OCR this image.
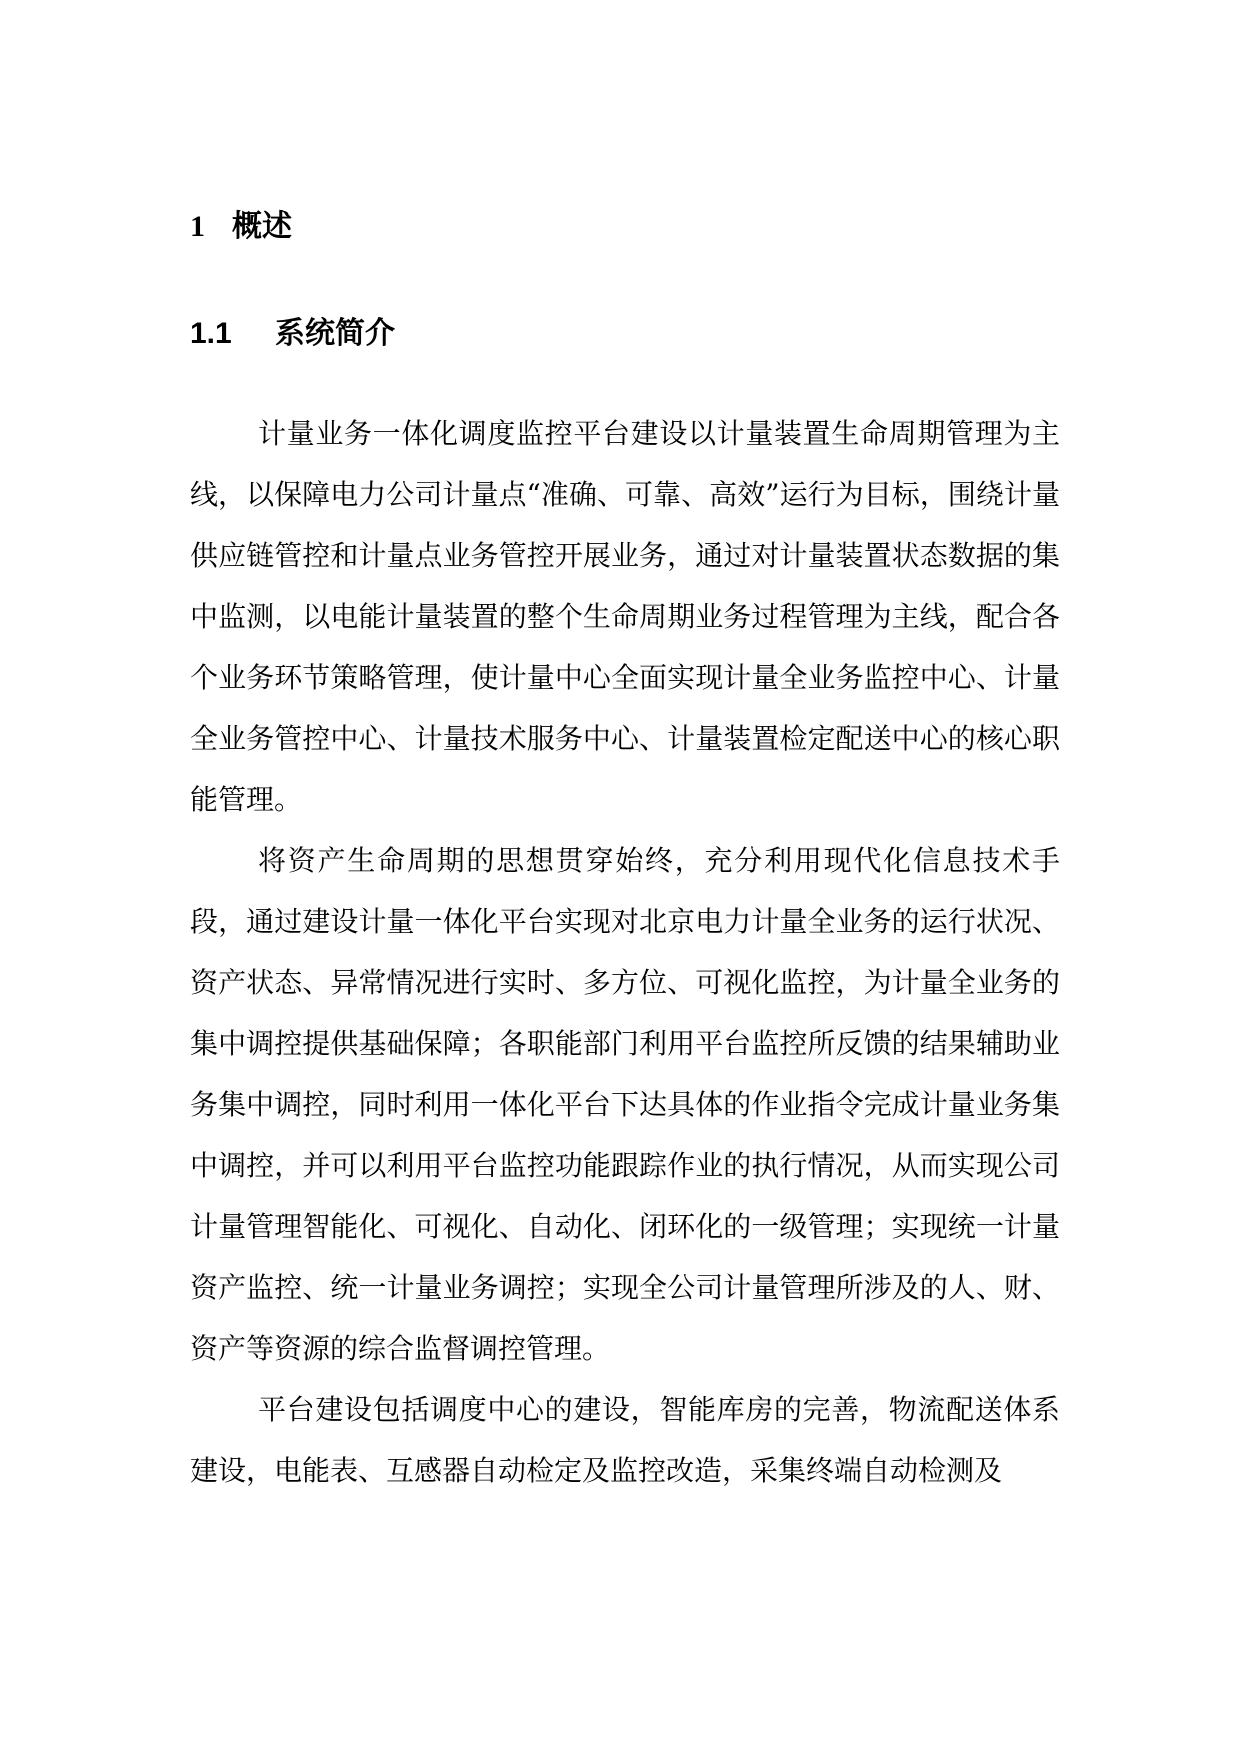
1 概述
1.1 系统简介

计量业务一体化调度监控平台建设以计量装置生命周期管理为主线，以保障电力公司计量点“准确、可靠、高效”运行为目标，围绕计量供应链管控和计量点业务管控开展业务，通过对计量装置状态数据的集中监测，以电能计量装置的整个生命周期业务过程管理为主线，配合各个业务环节策略管理，使计量中心全面实现计量全业务监控中心、计量全业务管控中心、计量技术服务中心、计量装置检定配送中心的核心职能管理。

将资产生命周期的思想贯穿始终，充分利用现代化信息技术手段，通过建设计量一体化平台实现对北京电力计量全业务的运行状况、资产状态、异常情况进行实时、多方位、可视化监控，为计量全业务的集中调控提供基础保障；各职能部门利用平台监控所反馈的结果辅助业务集中调控，同时利用一体化平台下达具体的作业指令完成计量业务集中调控，并可以利用平台监控功能跟踪作业的执行情况，从而实现公司计量管理智能化、可视化、自动化、闭环化的一级管理；实现统一计量资产监控、统一计量业务调控；实现全公司计量管理所涉及的人、财、资产等资源的综合监督调控管理。

平台建设包括调度中心的建设，智能库房的完善，物流配送体系建设，电能表、互感器自动检定及监控改造，采集终端自动检测及
